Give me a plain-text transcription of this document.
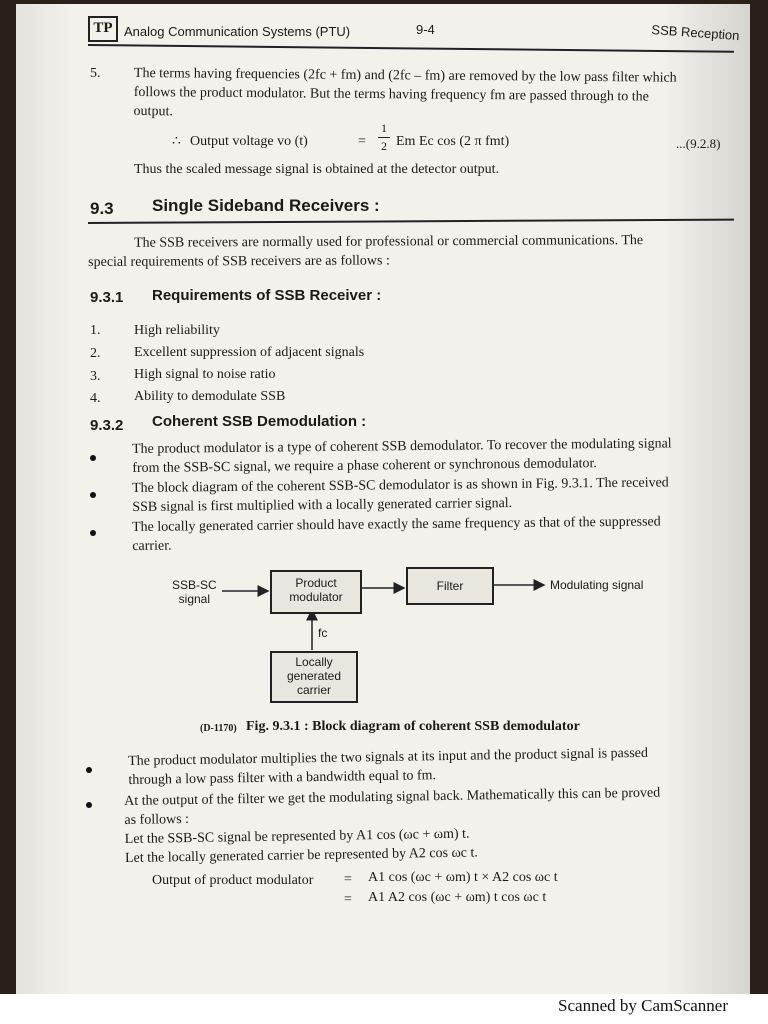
TP Analog Communication Systems (PTU)	9-4	SSB Reception
5. The terms having frequencies (2fc + fm) and (2fc – fm) are removed by the low pass filter which
follows the product modulator. But the terms having frequency fm are passed through to the
output.
∴ Output voltage vo (t)	=
1
2 Em Ec cos (2 π fmt)	...(9.2.8)
Thus the scaled message signal is obtained at the detector output.
9.3 Single Sideband Receivers :
The SSB receivers are normally used for professional or commercial communications. The
special requirements of SSB receivers are as follows :
9.3.1 Requirements of SSB Receiver :
1. High reliability
2. Excellent suppression of adjacent signals
3. High signal to noise ratio
4. Ability to demodulate SSB
9.3.2 Coherent SSB Demodulation :
The product modulator is a type of coherent SSB demodulator. To recover the modulating signal
from the SSB-SC signal, we require a phase coherent or synchronous demodulator.
The block diagram of the coherent SSB-SC demodulator is as shown in Fig. 9.3.1. The received
SSB signal is first multiplied with a locally generated carrier signal.
The locally generated carrier should have exactly the same frequency as that of the suppressed
carrier.
SSB-SC
signal
Product
modulator
Filter	Modulating signal
fc
Locally
generated
carrier
(D-1170) Fig. 9.3.1 : Block diagram of coherent SSB demodulator
The product modulator multiplies the two signals at its input and the product signal is passed
through a low pass filter with a bandwidth equal to fm.
At the output of the filter we get the modulating signal back. Mathematically this can be proved
as follows :
Let the SSB-SC signal be represented by A1 cos (ωc + ωm) t.
Let the locally generated carrier be represented by A2 cos ωc t.
Output of product modulator = A1 cos (ωc + ωm) t × A2 cos ωc t
= A1 A2 cos (ωc + ωm) t cos ωc t
Scanned by CamScanner
